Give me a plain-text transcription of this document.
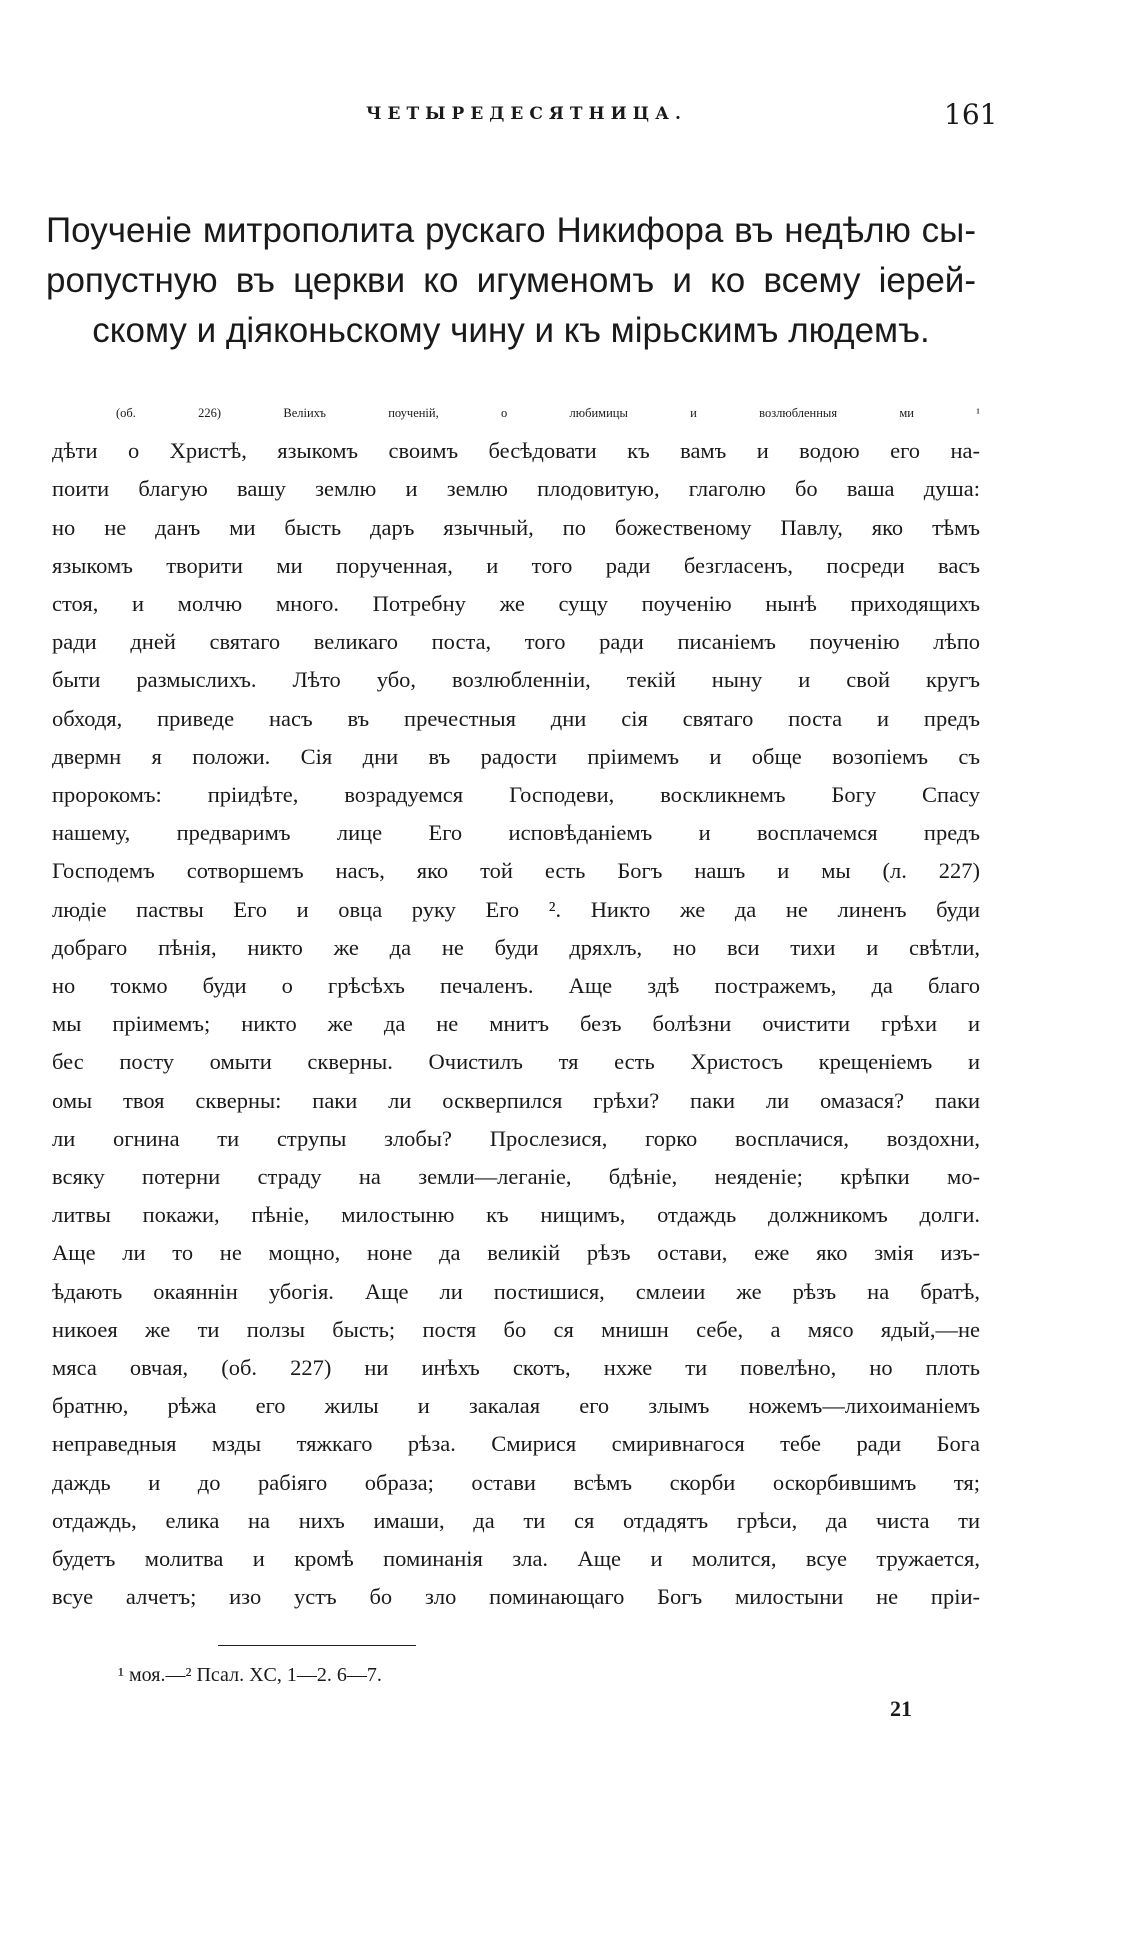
ЧЕТЫРЕДЕСЯТНИЦА.	161
Поученіе митрополита рускаго Никифора въ недѣлю сы-
ропустную въ церкви ко игуменомъ и ко всему іерей-
скому и діяконьскому чину и къ мірьскимъ людемъ.
(об. 226) Велiихъ поученій, о любимицы и возлюбленныя ми ¹
дѣти о Христѣ, языкомъ своимъ бесѣдовати къ вамъ и водою его на-
поити благую вашу землю и землю плодовитую, глаголю бо ваша душа:
но не данъ ми бысть даръ язычный, по божественому Павлу, яко тѣмъ
языкомъ творити ми порученная, и того ради безгласенъ, посреди васъ
стоя, и молчю много. Потребну же сущу поученію нынѣ приходящихъ
ради дней святаго великаго поста, того ради писаніемъ поученію лѣпо
быти размыслихъ. Лѣто убо, возлюбленніи, текій ныну и свой кругъ
обходя, приведе насъ въ пречестныя дни сія святаго поста и предъ
двермн я положи. Сія дни въ радости пріимемъ и обще возопіемъ съ
пророкомъ: пріидѣте, возрадуемся Господеви, воскликнемъ Богу Спасу
нашему, предваримъ лице Его исповѣданіемъ и восплачемся предъ
Господемъ сотворшемъ насъ, яко той есть Богъ нашъ и мы (л. 227)
людіе паствы Его и овца руку Его ². Никто же да не линенъ буди
добраго пѣнія, никто же да не буди дряхлъ, но вси тихи и свѣтли,
но токмо буди о грѣсѣхъ печаленъ. Аще здѣ постражемъ, да благо
мы пріимемъ; никто же да не мнитъ безъ болѣзни очистити грѣхи и
бес посту омыти скверны. Очистилъ тя есть Христосъ крещеніемъ и
омы твоя скверны: паки ли оскверпился грѣхи? паки ли омазася? паки
ли огнина ти струпы злобы? Прослезися, горко восплачися, воздохни,
всяку потерни страду на земли—леганіе, бдѣніе, неяденіе; крѣпки мо-
литвы покажи, пѣніе, милостыню къ нищимъ, отдаждь должникомъ долги.
Аще ли то не мощно, ноне да великій рѣзъ остави, еже яко змія изъ-
ѣдають окаяннін убогія. Аще ли постишися, смлеии же рѣзъ на братѣ,
никоея же ти ползы бысть; постя бо ся мнишн себе, а мясо ядый,—не
мяса овчая, (об. 227) ни инѣхъ скотъ, нхже ти повелѣно, но плоть
братню, рѣжа его жилы и закалая его злымъ ножемъ—лихоиманіемъ
неправедныя мзды тяжкаго рѣза. Смирися смиривнагося тебе ради Бога
даждь и до рабіяго образа; остави всѣмъ скорби оскорбившимъ тя;
отдаждь, елика на нихъ имаши, да ти ся отдадятъ грѣси, да чиста ти
будетъ молитва и кромѣ поминанія зла. Аще и молится, всуе тружается,
всуе алчетъ; изо устъ бо зло поминающаго Богъ милостыни не пріи-
¹ моя.—² Псал. XC, 1—2. 6—7.
21
